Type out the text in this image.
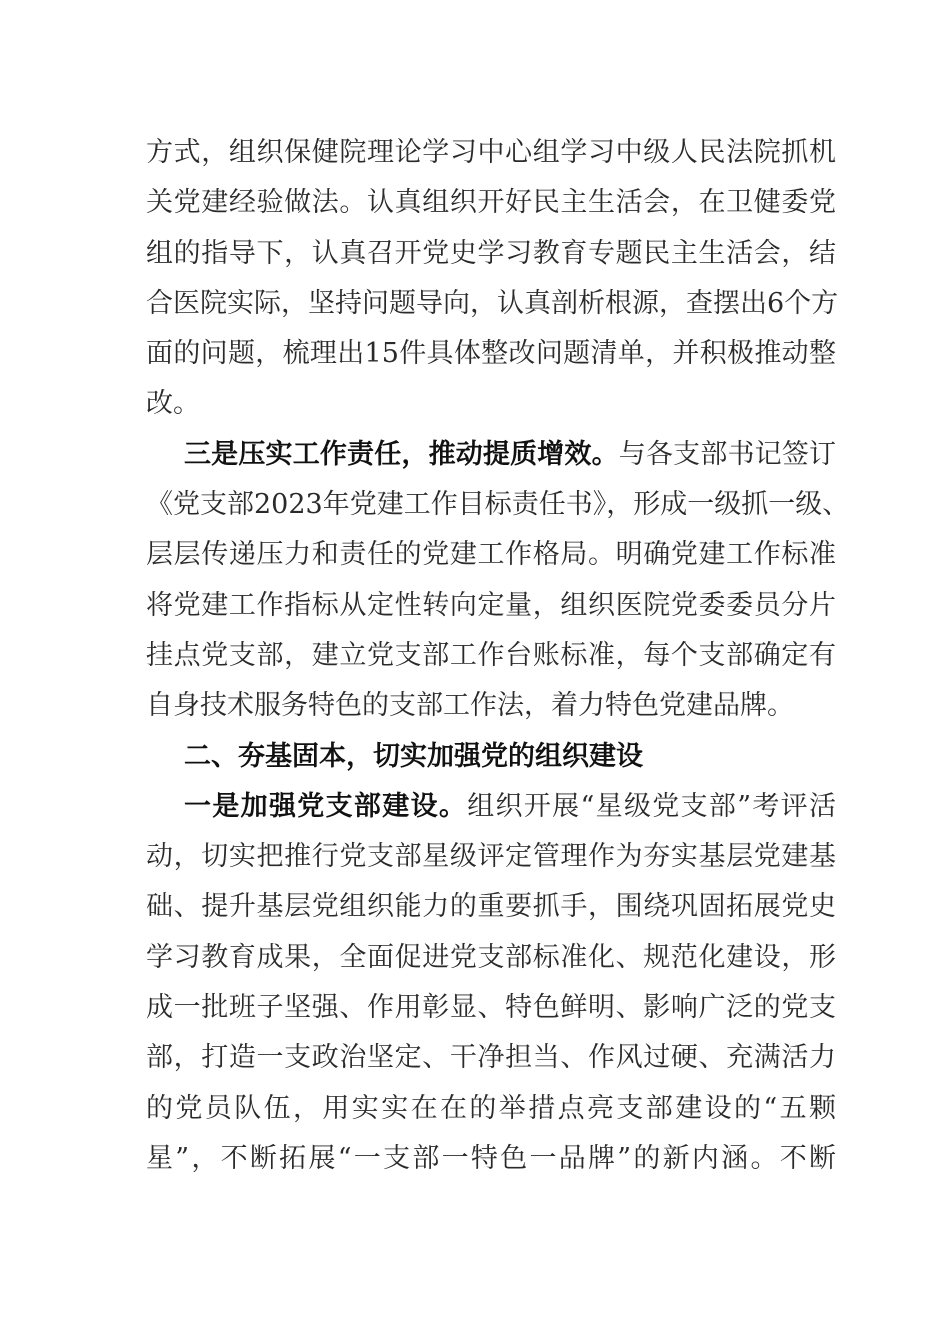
方式，组织保健院理论学习中心组学习中级人民法院抓机
关党建经验做法。认真组织开好民主生活会，在卫健委党
组的指导下，认真召开党史学习教育专题民主生活会，结
合医院实际，坚持问题导向，认真剖析根源，查摆出6个方
面的问题，梳理出15件具体整改问题清单，并积极推动整
改。
三是压实工作责任，推动提质增效。与各支部书记签订
《党支部2023年党建工作目标责任书》，形成一级抓一级、
层层传递压力和责任的党建工作格局。明确党建工作标准
将党建工作指标从定性转向定量，组织医院党委委员分片
挂点党支部，建立党支部工作台账标准，每个支部确定有
自身技术服务特色的支部工作法，着力特色党建品牌。
二、夯基固本，切实加强党的组织建设
一是加强党支部建设。组织开展“星级党支部”考评活
动，切实把推行党支部星级评定管理作为夯实基层党建基
础、提升基层党组织能力的重要抓手，围绕巩固拓展党史
学习教育成果，全面促进党支部标准化、规范化建设，形
成一批班子坚强、作用彰显、特色鲜明、影响广泛的党支
部，打造一支政治坚定、干净担当、作风过硬、充满活力
的党员队伍，用实实在在的举措点亮支部建设的“五颗
星”，不断拓展“一支部一特色一品牌”的新内涵。不断
